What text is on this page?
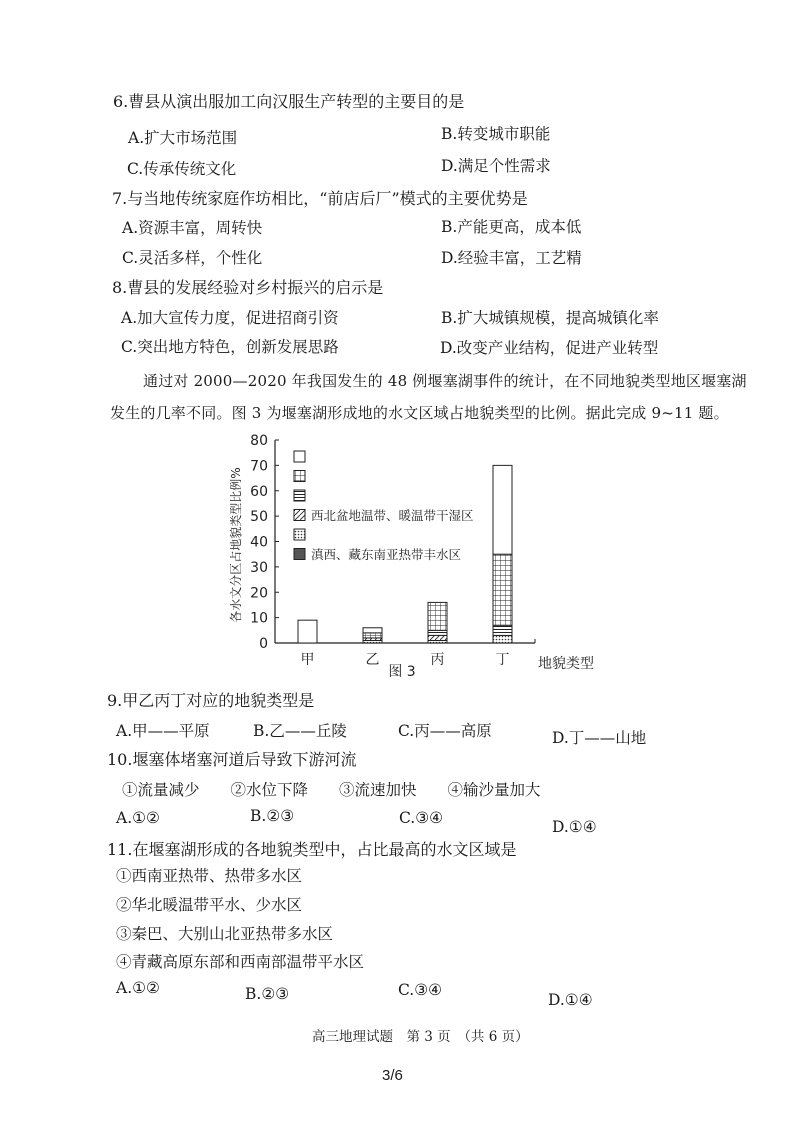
6.曹县从演出服加工向汉服生产转型的主要目的是
A.扩大市场范围	B.转变城市职能
C.传承传统文化	D.满足个性需求
7.与当地传统家庭作坊相比，“前店后厂”模式的主要优势是
A.资源丰富，周转快	B.产能更高，成本低
C.灵活多样，个性化	D.经验丰富，工艺精
8.曹县的发展经验对乡村振兴的启示是
A.加大宣传力度，促进招商引资	B.扩大城镇规模，提高城镇化率
C.突出地方特色，创新发展思路	D.改变产业结构，促进产业转型
通过对 2000—2020 年我国发生的 48 例堰塞湖事件的统计，在不同地貌类型地区堰塞湖
发生的几率不同。图 3 为堰塞湖形成地的水文区域占地貌类型的比例。据此完成 9~11 题。
0
10
20
30
40
50
60
70
80
甲	乙	丙	丁
西北盆地温带、暖温带干湿区
滇西、藏东南亚热带丰水区
各水文分区占地貌类型比例%
地貌类型
图 3
9.甲乙丙丁对应的地貌类型是
A.甲——平原	B.乙——丘陵	C.丙——高原	D.丁——山地
10.堰塞体堵塞河道后导致下游河流
①流量减少　　②水位下降　　③流速加快　　④输沙量加大
A.①②	B.②③	C.③④	D.①④
11.在堰塞湖形成的各地貌类型中，占比最高的水文区域是
①西南亚热带、热带多水区
②华北暖温带平水、少水区
③秦巴、大别山北亚热带多水区
④青藏高原东部和西南部温带平水区
A.①②	B.②③	C.③④
D.①④
高三地理试题　第 3 页　（共 6 页）
3/6
